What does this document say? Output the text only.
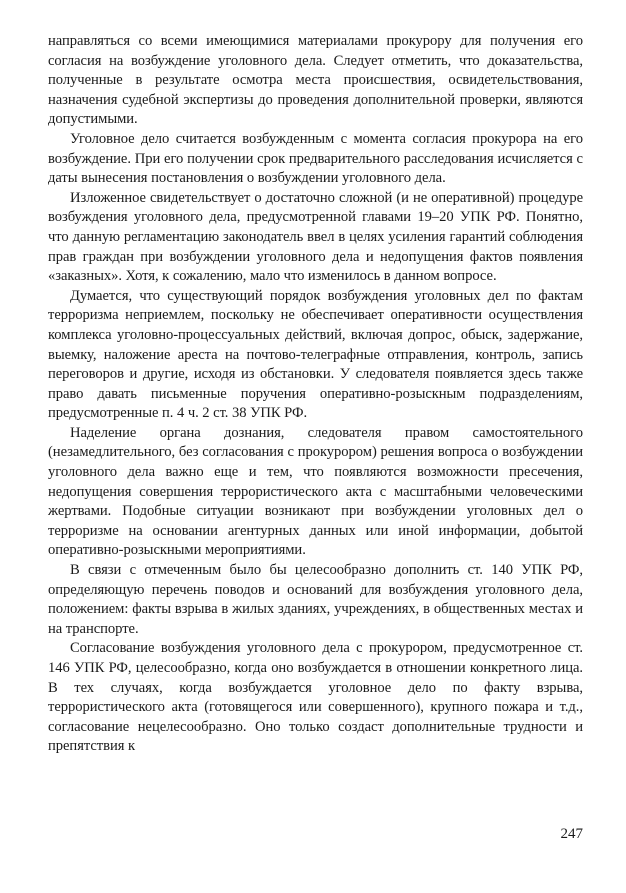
направляться со всеми имеющимися материалами прокурору для получения его согласия на возбуждение уголовного дела. Следует отметить, что доказательства, полученные в результате осмотра места происшествия, освидетельствования, назначения судебной экспертизы до проведения дополнительной проверки, являются допустимыми.

Уголовное дело считается возбужденным с момента согласия прокурора на его возбуждение. При его получении срок предварительного расследования исчисляется с даты вынесения постановления о возбуждении уголовного дела.

Изложенное свидетельствует о достаточно сложной (и не оперативной) процедуре возбуждения уголовного дела, предусмотренной главами 19–20 УПК РФ. Понятно, что данную регламентацию законодатель ввел в целях усиления гарантий соблюдения прав граждан при возбуждении уголовного дела и недопущения фактов появления «заказных». Хотя, к сожалению, мало что изменилось в данном вопросе.

Думается, что существующий порядок возбуждения уголовных дел по фактам терроризма неприемлем, поскольку не обеспечивает оперативности осуществления комплекса уголовно-процессуальных действий, включая допрос, обыск, задержание, выемку, наложение ареста на почтово-телеграфные отправления, контроль, запись переговоров и другие, исходя из обстановки. У следователя появляется здесь также право давать письменные поручения оперативно-розыскным подразделениям, предусмотренные п. 4 ч. 2 ст. 38 УПК РФ.

Наделение органа дознания, следователя правом самостоятельного (незамедлительного, без согласования с прокурором) решения вопроса о возбуждении уголовного дела важно еще и тем, что появляются возможности пресечения, недопущения совершения террористического акта с масштабными человеческими жертвами. Подобные ситуации возникают при возбуждении уголовных дел о терроризме на основании агентурных данных или иной информации, добытой оперативно-розыскными мероприятиями.

В связи с отмеченным было бы целесообразно дополнить ст. 140 УПК РФ, определяющую перечень поводов и оснований для возбуждения уголовного дела, положением: факты взрыва в жилых зданиях, учреждениях, в общественных местах и на транспорте.

Согласование возбуждения уголовного дела с прокурором, предусмотренное ст. 146 УПК РФ, целесообразно, когда оно возбуждается в отношении конкретного лица. В тех случаях, когда возбуждается уголовное дело по факту взрыва, террористического акта (готовящегося или совершенного), крупного пожара и т.д., согласование нецелесообразно. Оно только создаст дополнительные трудности и препятствия к

247
